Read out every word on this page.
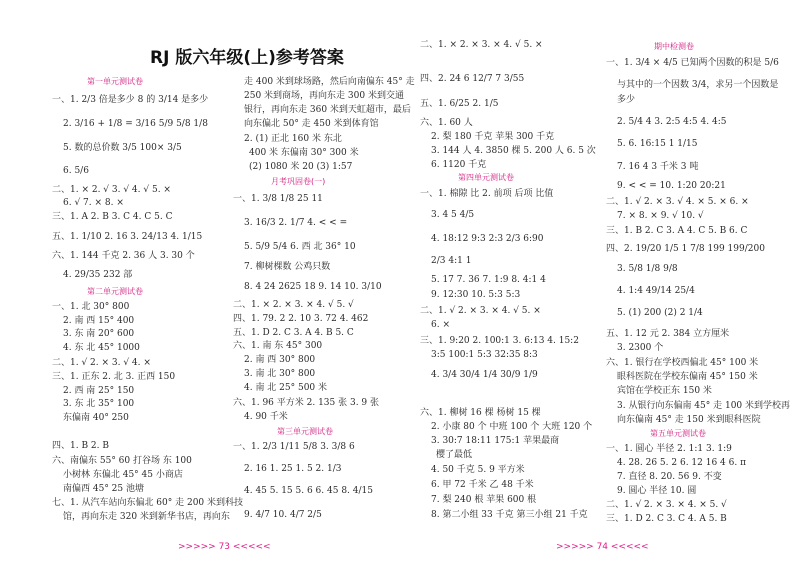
RJ 版六年级(上)参考答案
第一单元测试卷
一、1. 2/3 倍是多少 8 的 3/14 是多少
2. 3/16 + 1/8 = 3/16 5/9 5/8 1/8
5. 数的总价数 3/5 100× 3/5
6. 5/6
二、1. × 2. √ 3. √ 4. √ 5. ×
6. √ 7. × 8. ×
三、1. A 2. B 3. C 4. C 5. C
五、1. 1/10 2. 16 3. 24/13 4. 1/15
六、1. 144 千克 2. 36 人 3. 30 个
4. 29/35 232 部
第二单元测试卷
一、1. 北 30° 800
2. 南 西 15° 400
3. 东 南 20° 600
4. 东 北 45° 1000
二、1. √ 2. × 3. √ 4. ×
三、1. 正东 2. 北 3. 正西 150
2. 西 南 25° 150
3. 东 北 35° 100
东偏南 40° 250
四、1. B 2. B
六、南偏东 55° 60 打谷场 东 100
小树林 东偏北 45° 45 小商店
南偏西 45° 25 池塘
七、1. 从汽车站向东偏北 60° 走 200 米到科技
馆，再向东走 320 米到新华书店，再向东
走 400 米到球场路，然后向南偏东 45° 走
250 米到商场，再向东走 300 米到交通
银行，再向东走 360 米到天虹超市，最后
向东偏北 50° 走 450 米到体育馆
2. (1) 正北 160 米 东北
400 米 东偏南 30° 300 米
(2) 1080 米 20 (3) 1:57
月考巩固卷(一)
一、1. 3/8 1/8 25 11
3. 16/3 2. 1/7 4. < < =
5. 5/9 5/4 6. 西 北 36° 10
7. 柳树棵数 公鸡只数
8. 4 24 2625 18 9. 14 10. 3/10
二、1. × 2. × 3. × 4. √ 5. √
四、1. 79. 2 2. 10 3. 72 4. 462
五、1. D 2. C 3. A 4. B 5. C
六、1. 南 东 45° 300
2. 南 西 30° 800
3. 南 北 30° 800
4. 南 北 25° 500 米
六、1. 96 平方米 2. 135 张 3. 9 张
4. 90 千米
第三单元测试卷
一、1. 2/3 1/11 5/8 3. 3/8 6
2. 16 1. 25 1. 5 2. 1/3
4. 45 5. 15 5. 6 6. 45 8. 4/15
9. 4/7 10. 4/7 2/5
二、1. × 2. × 3. × 4. √ 5. ×
四、2. 24 6 12/7 7 3/55
五、1. 6/25 2. 1/5
六、1. 60 人
2. 梨 180 千克 苹果 300 千克
3. 144 人 4. 3850 棵 5. 200 人 6. 5 次
6. 1120 千克
第四单元测试卷
一、1. 棉隙 比 2. 前项 后项 比值
3. 4 5 4/5
4. 18:12 9:3 2:3 2/3 6:90
2/3 4:1 1
5. 17 7. 36 7. 1:9 8. 4:1 4
9. 12:30 10. 5:3 5:3
二、1. √ 2. × 3. × 4. √ 5. ×
6. ×
三、1. 9:20 2. 100:1 3. 6:13 4. 15:2
3:5 100:1 5:3 32:35 8:3
4. 3/4 30/4 1/4 30/9 1/9
六、1. 柳树 16 棵 杨树 15 棵
2. 小康 80 个 中班 100 个 大班 120 个
3. 30:7 18:11 175:1 苹果最商
樱了最低
4. 50 千克 5. 9 平方米
6. 甲 72 千米 乙 48 千米
7. 梨 240 根 苹果 600 根
8. 第二小组 33 千克 第三小组 21 千克
期中检测卷
一、1. 3/4 × 4/5 已知两个因数的积是 5/6
与其中的一个因数 3/4，求另一个因数是
多少
2. 5/4 4 3. 2:5 4:5 4. 4:5
5. 6. 16:15 1 1/15
7. 16 4 3 千米 3 吨
9. < < = 10. 1:20 20:21
二、1. √ 2. × 3. √ 4. × 5. × 6. ×
7. × 8. × 9. √ 10. √
三、1. B 2. C 3. A 4. C 5. B 6. C
四、2. 19/20 1/5 1 7/8 199 199/200
3. 5/8 1/8 9/8
4. 1:4 49/14 25/4
5. (1) 200 (2) 2 1/4
五、1. 12 元 2. 384 立方厘米
3. 2300 个
六、1. 银行在学校西偏北 45° 100 米
眼科医院在学校东偏南 45° 150 米
宾馆在学校正东 150 米
3. 从银行向东偏南 45° 走 100 米到学校再
向东偏南 45° 走 150 米到眼科医院
第五单元测试卷
一、1. 圆心 半径 2. 1:1 3. 1:9
4. 28. 26 5. 2 6. 12 16 4 6. π
7. 直径 8. 20. 56 9. 不变
9. 圆心 半径 10. 圆
二、1. √ 2. × 3. × 4. × 5. √
三、1. D 2. C 3. C 4. A 5. B
>>>>> 73 <<<<<	>>>>> 74 <<<<<
